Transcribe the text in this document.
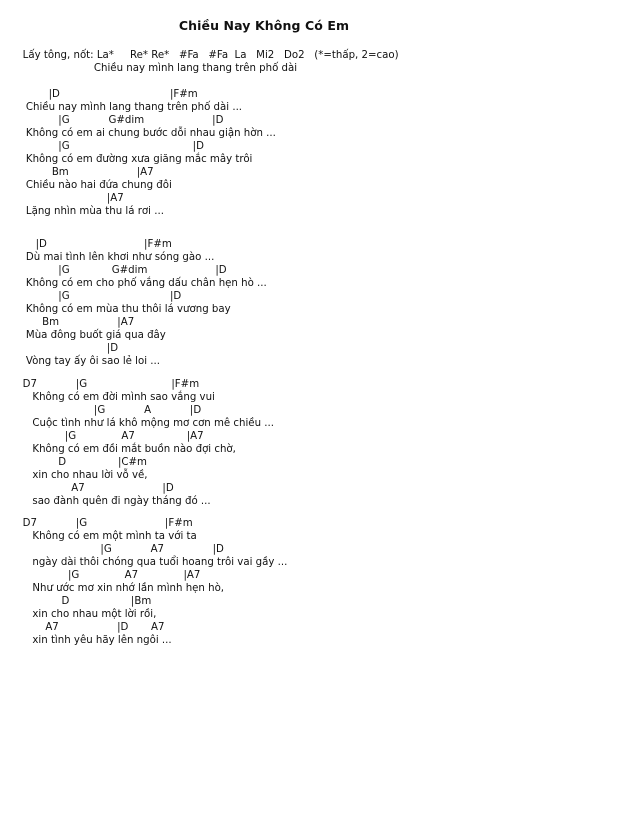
Chiều Nay Không Có Em
Lấy tông, nốt: La*     Re* Re*   #Fa   #Fa  La   Mi2   Do2   (*=thấp, 2=cao)
Chiều nay mình lang thang trên phố dài
|D                                  |F#m
Chiều nay mình lang thang trên phố dài ...
|G            G#dim                     |D
Không có em ai chung bước dỗi nhau giận hờn ...
|G                                      |D
Không có em đường xưa giăng mắc mây trôi
Bm                     |A7
Chiều nào hai đứa chung đôi
|A7
Lặng nhìn mùa thu lá rơi ...
|D                              |F#m
Dù mai tình lên khơi như sóng gào ...
|G             G#dim                     |D
Không có em cho phố vắng dấu chân hẹn hò ...
|G                               |D
Không có em mùa thu thôi lá vương bay
Bm                  |A7
Mùa đông buốt giá qua đây
|D
Vòng tay ấy ôi sao lẻ loi ...
D7            |G                          |F#m
Không có em đời mình sao vắng vui
|G            A            |D
Cuộc tình như lá khô mộng mơ cơn mê chiều ...
|G              A7                |A7
Không có em đồi mắt buồn nào đợi chờ,
D                |C#m
xin cho nhau lời vỗ về,
A7                        |D
sao đành quên đi ngày tháng đó ...
D7            |G                        |F#m
Không có em một mình ta với ta
|G            A7               |D
ngày dài thôi chóng qua tuổi hoang trôi vai gầy ...
|G              A7              |A7
Như ước mơ xin nhớ lần mình hẹn hò,
D                   |Bm
xin cho nhau một lời rồi,
A7                  |D       A7
xin tình yêu hãy lên ngôi ...
